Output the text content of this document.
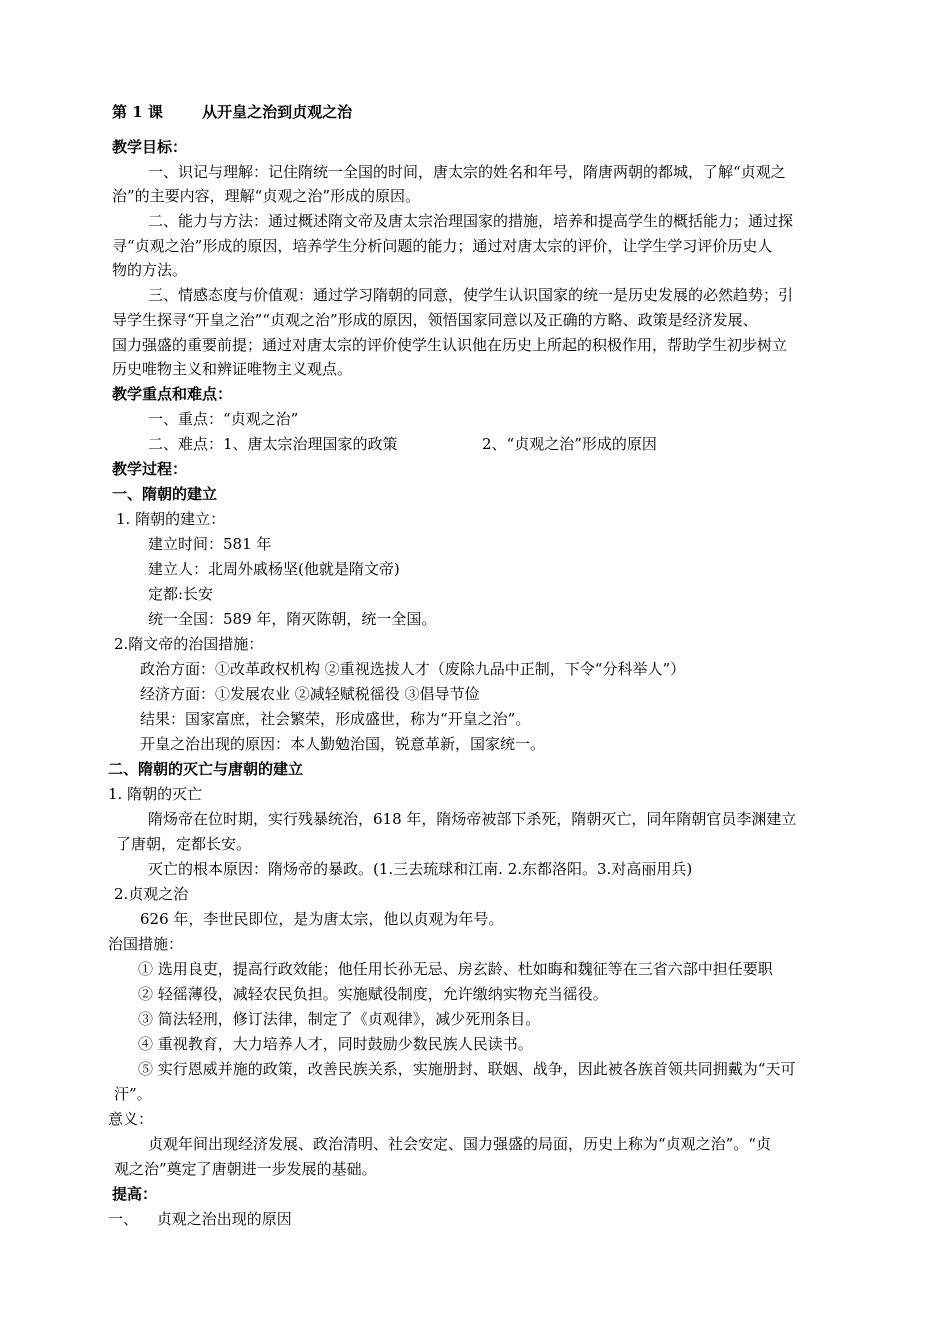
第 1 课	从开皇之治到贞观之治
教学目标：
一、识记与理解：记住隋统一全国的时间，唐太宗的姓名和年号，隋唐两朝的都城，了解“贞观之
治”的主要内容，理解“贞观之治”形成的原因。
二、能力与方法：通过概述隋文帝及唐太宗治理国家的措施，培养和提高学生的概括能力；通过探
寻“贞观之治”形成的原因，培养学生分析问题的能力；通过对唐太宗的评价，让学生学习评价历史人
物的方法。
三、情感态度与价值观：通过学习隋朝的同意，使学生认识国家的统一是历史发展的必然趋势；引
导学生探寻“开皇之治”“贞观之治”形成的原因，领悟国家同意以及正确的方略、政策是经济发展、
国力强盛的重要前提；通过对唐太宗的评价使学生认识他在历史上所起的积极作用，帮助学生初步树立
历史唯物主义和辨证唯物主义观点。
教学重点和难点：
一、重点：“贞观之治”
二、难点：1、唐太宗治理国家的政策	2、“贞观之治”形成的原因
教学过程：
一、隋朝的建立
1. 隋朝的建立：
建立时间：581 年
建立人：北周外戚杨坚(他就是隋文帝)
定都:长安
统一全国：589 年，隋灭陈朝，统一全国。
2.隋文帝的治国措施：
政治方面：①改革政权机构 ②重视选拔人才（废除九品中正制，下令“分科举人”）
经济方面：①发展农业 ②减轻赋税徭役 ③倡导节俭
结果：国家富庶，社会繁荣，形成盛世，称为“开皇之治”。
开皇之治出现的原因：本人勤勉治国，锐意革新，国家统一。
二、隋朝的灭亡与唐朝的建立
1. 隋朝的灭亡
隋炀帝在位时期，实行残暴统治，618 年，隋炀帝被部下杀死，隋朝灭亡，同年隋朝官员李渊建立
了唐朝，定都长安。
灭亡的根本原因：隋炀帝的暴政。(1.三去琉球和江南. 2.东都洛阳。3.对高丽用兵)
2.贞观之治
626 年，李世民即位，是为唐太宗，他以贞观为年号。
治国措施：
① 选用良吏，提高行政效能；他任用长孙无忌、房玄龄、杜如晦和魏征等在三省六部中担任要职
② 轻徭薄役，减轻农民负担。实施赋役制度，允许缴纳实物充当徭役。
③ 简法轻刑，修订法律，制定了《贞观律》，减少死刑条目。
④ 重视教育，大力培养人才，同时鼓励少数民族人民读书。
⑤ 实行恩威并施的政策，改善民族关系，实施册封、联姻、战争，因此被各族首领共同拥戴为“天可
汗”。
意义：
贞观年间出现经济发展、政治清明、社会安定、国力强盛的局面，历史上称为“贞观之治”。“贞
观之治”奠定了唐朝进一步发展的基础。
提高：
一、 贞观之治出现的原因
